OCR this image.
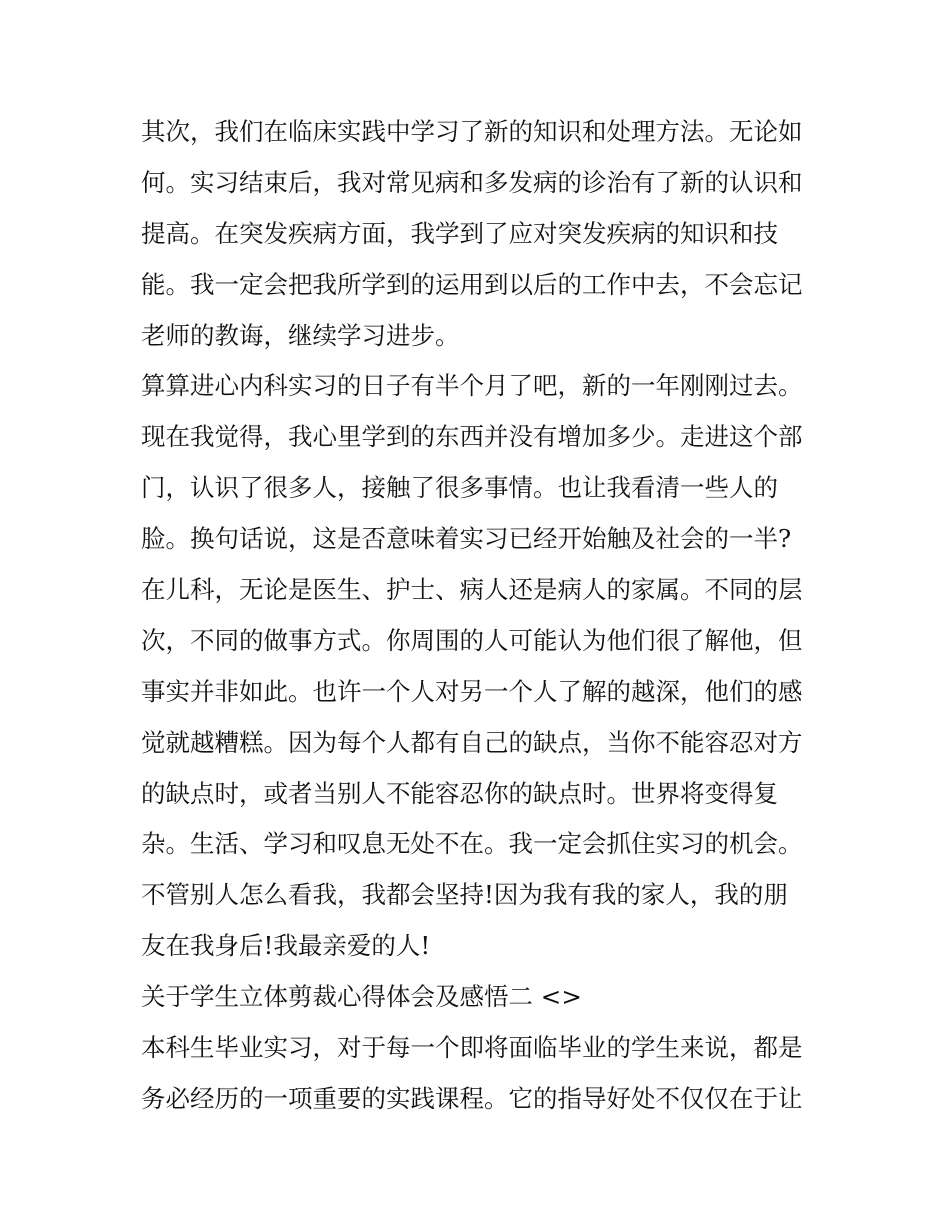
其次，我们在临床实践中学习了新的知识和处理方法。无论如
何。实习结束后，我对常见病和多发病的诊治有了新的认识和
提高。在突发疾病方面，我学到了应对突发疾病的知识和技
能。我一定会把我所学到的运用到以后的工作中去，不会忘记
老师的教诲，继续学习进步。
算算进心内科实习的日子有半个月了吧，新的一年刚刚过去。
现在我觉得，我心里学到的东西并没有增加多少。走进这个部
门，认识了很多人，接触了很多事情。也让我看清一些人的
脸。换句话说，这是否意味着实习已经开始触及社会的一半?
在儿科，无论是医生、护士、病人还是病人的家属。不同的层
次，不同的做事方式。你周围的人可能认为他们很了解他，但
事实并非如此。也许一个人对另一个人了解的越深，他们的感
觉就越糟糕。因为每个人都有自己的缺点，当你不能容忍对方
的缺点时，或者当别人不能容忍你的缺点时。世界将变得复
杂。生活、学习和叹息无处不在。我一定会抓住实习的机会。
不管别人怎么看我，我都会坚持!因为我有我的家人，我的朋
友在我身后!我最亲爱的人!
关于学生立体剪裁心得体会及感悟二 <>
本科生毕业实习，对于每一个即将面临毕业的学生来说，都是
务必经历的一项重要的实践课程。它的指导好处不仅仅在于让
